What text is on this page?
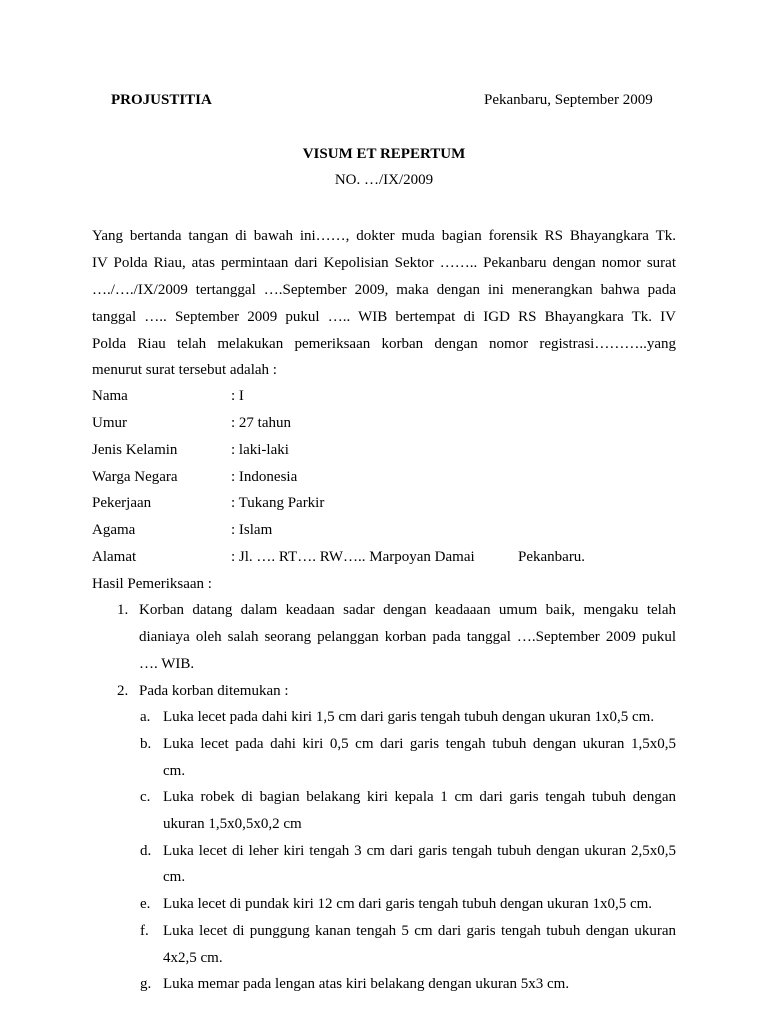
PROJUSTITIA	Pekanbaru, September 2009
VISUM ET REPERTUM
NO. …/IX/2009
Yang bertanda tangan di bawah ini……, dokter muda bagian forensik RS Bhayangkara Tk.
IV Polda Riau, atas permintaan dari Kepolisian Sektor …….. Pekanbaru dengan nomor surat
…./…./IX/2009 tertanggal ….September 2009, maka dengan ini menerangkan bahwa pada
tanggal ….. September 2009 pukul ….. WIB bertempat di IGD RS Bhayangkara Tk. IV
Polda Riau telah melakukan pemeriksaan korban dengan nomor registrasi………..yang
menurut surat tersebut adalah :
Nama	: I
Umur	: 27 tahun
Jenis Kelamin	: laki-laki
Warga Negara	: Indonesia
Pekerjaan	: Tukang Parkir
Agama	: Islam
Alamat	: Jl. …. RT…. RW….. Marpoyan Damai	Pekanbaru.
Hasil Pemeriksaan :
1. Korban datang dalam keadaan sadar dengan keadaaan umum baik, mengaku telah
dianiaya oleh salah seorang pelanggan korban pada tanggal ….September 2009 pukul
…. WIB.
2. Pada korban ditemukan :
a. Luka lecet pada dahi kiri 1,5 cm dari garis tengah tubuh dengan ukuran 1x0,5 cm.
b. Luka lecet pada dahi kiri 0,5 cm dari garis tengah tubuh dengan ukuran 1,5x0,5
cm.
c. Luka robek di bagian belakang kiri kepala 1 cm dari garis tengah tubuh dengan
ukuran 1,5x0,5x0,2 cm
d. Luka lecet di leher kiri tengah 3 cm dari garis tengah tubuh dengan ukuran 2,5x0,5
cm.
e. Luka lecet di pundak kiri 12 cm dari garis tengah tubuh dengan ukuran 1x0,5 cm.
f. Luka lecet di punggung kanan tengah 5 cm dari garis tengah tubuh dengan ukuran
4x2,5 cm.
g. Luka memar pada lengan atas kiri belakang dengan ukuran 5x3 cm.
